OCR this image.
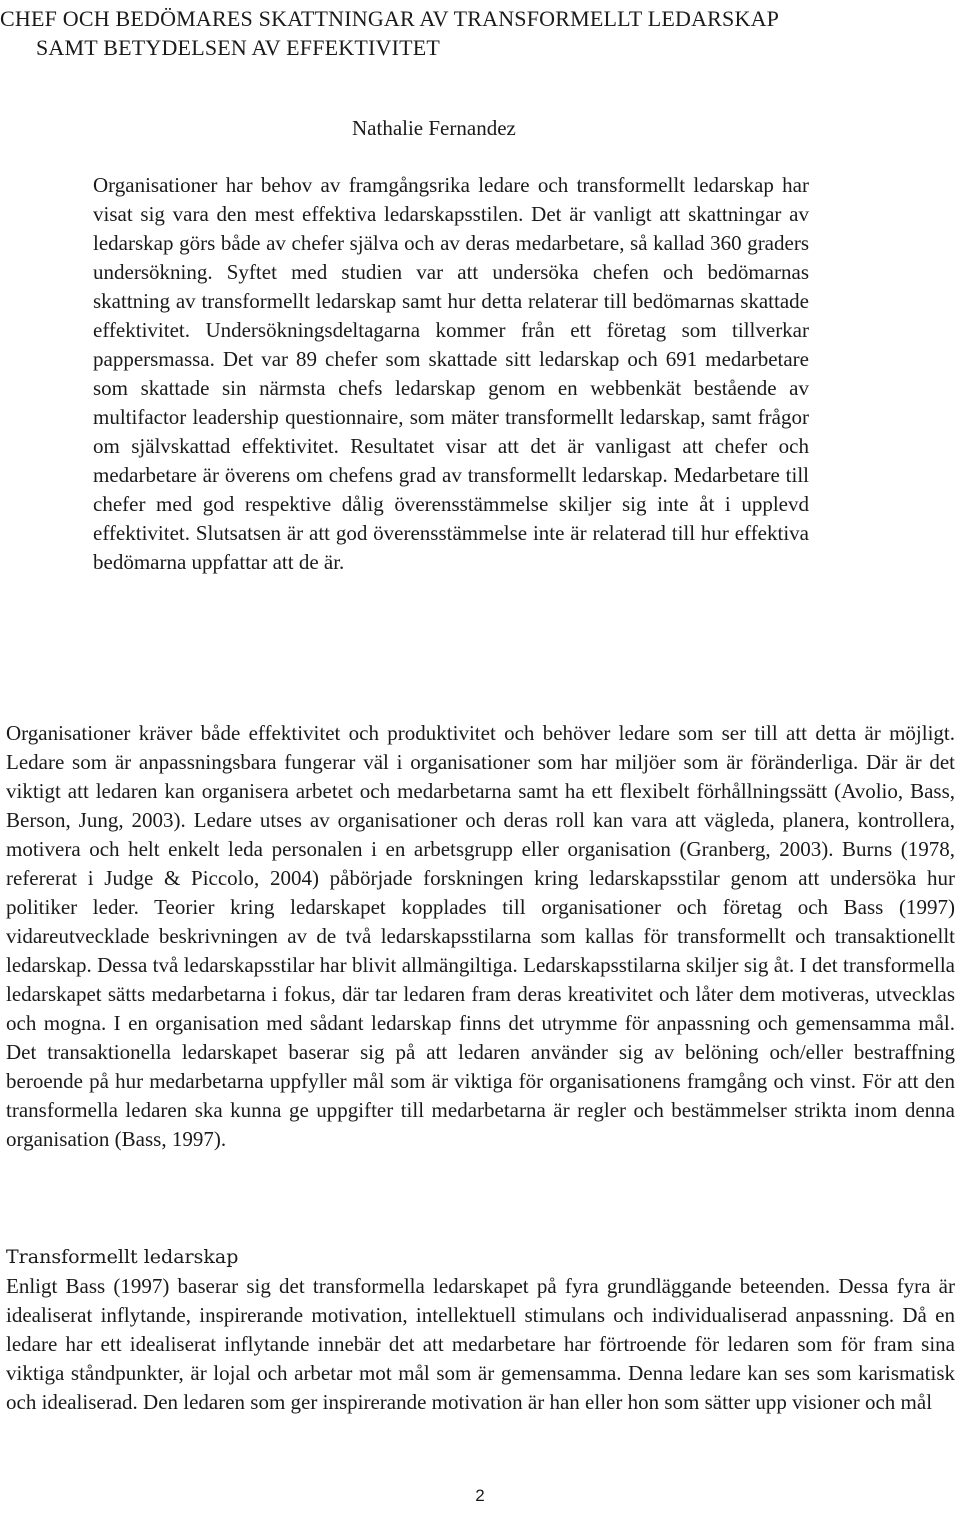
CHEF OCH BEDÖMARES SKATTNINGAR AV TRANSFORMELLT LEDARSKAP
SAMT BETYDELSEN AV EFFEKTIVITET
Nathalie Fernandez
Organisationer har behov av framgångsrika ledare och transformellt ledarskap har visat sig vara den mest effektiva ledarskapsstilen. Det är vanligt att skattningar av ledarskap görs både av chefer själva och av deras medarbetare, så kallad 360 graders undersökning. Syftet med studien var att undersöka chefen och bedömarnas skattning av transformellt ledarskap samt hur detta relaterar till bedömarnas skattade effektivitet. Undersökningsdeltagarna kommer från ett företag som tillverkar pappersmassa. Det var 89 chefer som skattade sitt ledarskap och 691 medarbetare som skattade sin närmsta chefs ledarskap genom en webbenkät bestående av multifactor leadership questionnaire, som mäter transformellt ledarskap, samt frågor om självskattad effektivitet. Resultatet visar att det är vanligast att chefer och medarbetare är överens om chefens grad av transformellt ledarskap. Medarbetare till chefer med god respektive dålig överensstämmelse skiljer sig inte åt i upplevd effektivitet. Slutsatsen är att god överensstämmelse inte är relaterad till hur effektiva bedömarna uppfattar att de är.
Organisationer kräver både effektivitet och produktivitet och behöver ledare som ser till att detta är möjligt. Ledare som är anpassningsbara fungerar väl i organisationer som har miljöer som är föränderliga. Där är det viktigt att ledaren kan organisera arbetet och medarbetarna samt ha ett flexibelt förhållningssätt (Avolio, Bass, Berson, Jung, 2003). Ledare utses av organisationer och deras roll kan vara att vägleda, planera, kontrollera, motivera och helt enkelt leda personalen i en arbetsgrupp eller organisation (Granberg, 2003). Burns (1978, refererat i Judge & Piccolo, 2004) påbörjade forskningen kring ledarskapsstilar genom att undersöka hur politiker leder. Teorier kring ledarskapet kopplades till organisationer och företag och Bass (1997) vidareutvecklade beskrivningen av de två ledarskapsstilarna som kallas för transformellt och transaktionellt ledarskap. Dessa två ledarskapsstilar har blivit allmängiltiga. Ledarskapsstilarna skiljer sig åt. I det transformella ledarskapet sätts medarbetarna i fokus, där tar ledaren fram deras kreativitet och låter dem motiveras, utvecklas och mogna. I en organisation med sådant ledarskap finns det utrymme för anpassning och gemensamma mål. Det transaktionella ledarskapet baserar sig på att ledaren använder sig av belöning och/eller bestraffning beroende på hur medarbetarna uppfyller mål som är viktiga för organisationens framgång och vinst. För att den transformella ledaren ska kunna ge uppgifter till medarbetarna är regler och bestämmelser strikta inom denna organisation (Bass, 1997).
Transformellt ledarskap
Enligt Bass (1997) baserar sig det transformella ledarskapet på fyra grundläggande beteenden. Dessa fyra är idealiserat inflytande, inspirerande motivation, intellektuell stimulans och individualiserad anpassning. Då en ledare har ett idealiserat inflytande innebär det att medarbetare har förtroende för ledaren som för fram sina viktiga ståndpunkter, är lojal och arbetar mot mål som är gemensamma. Denna ledare kan ses som karismatisk och idealiserad. Den ledaren som ger inspirerande motivation är han eller hon som sätter upp visioner och mål
2
